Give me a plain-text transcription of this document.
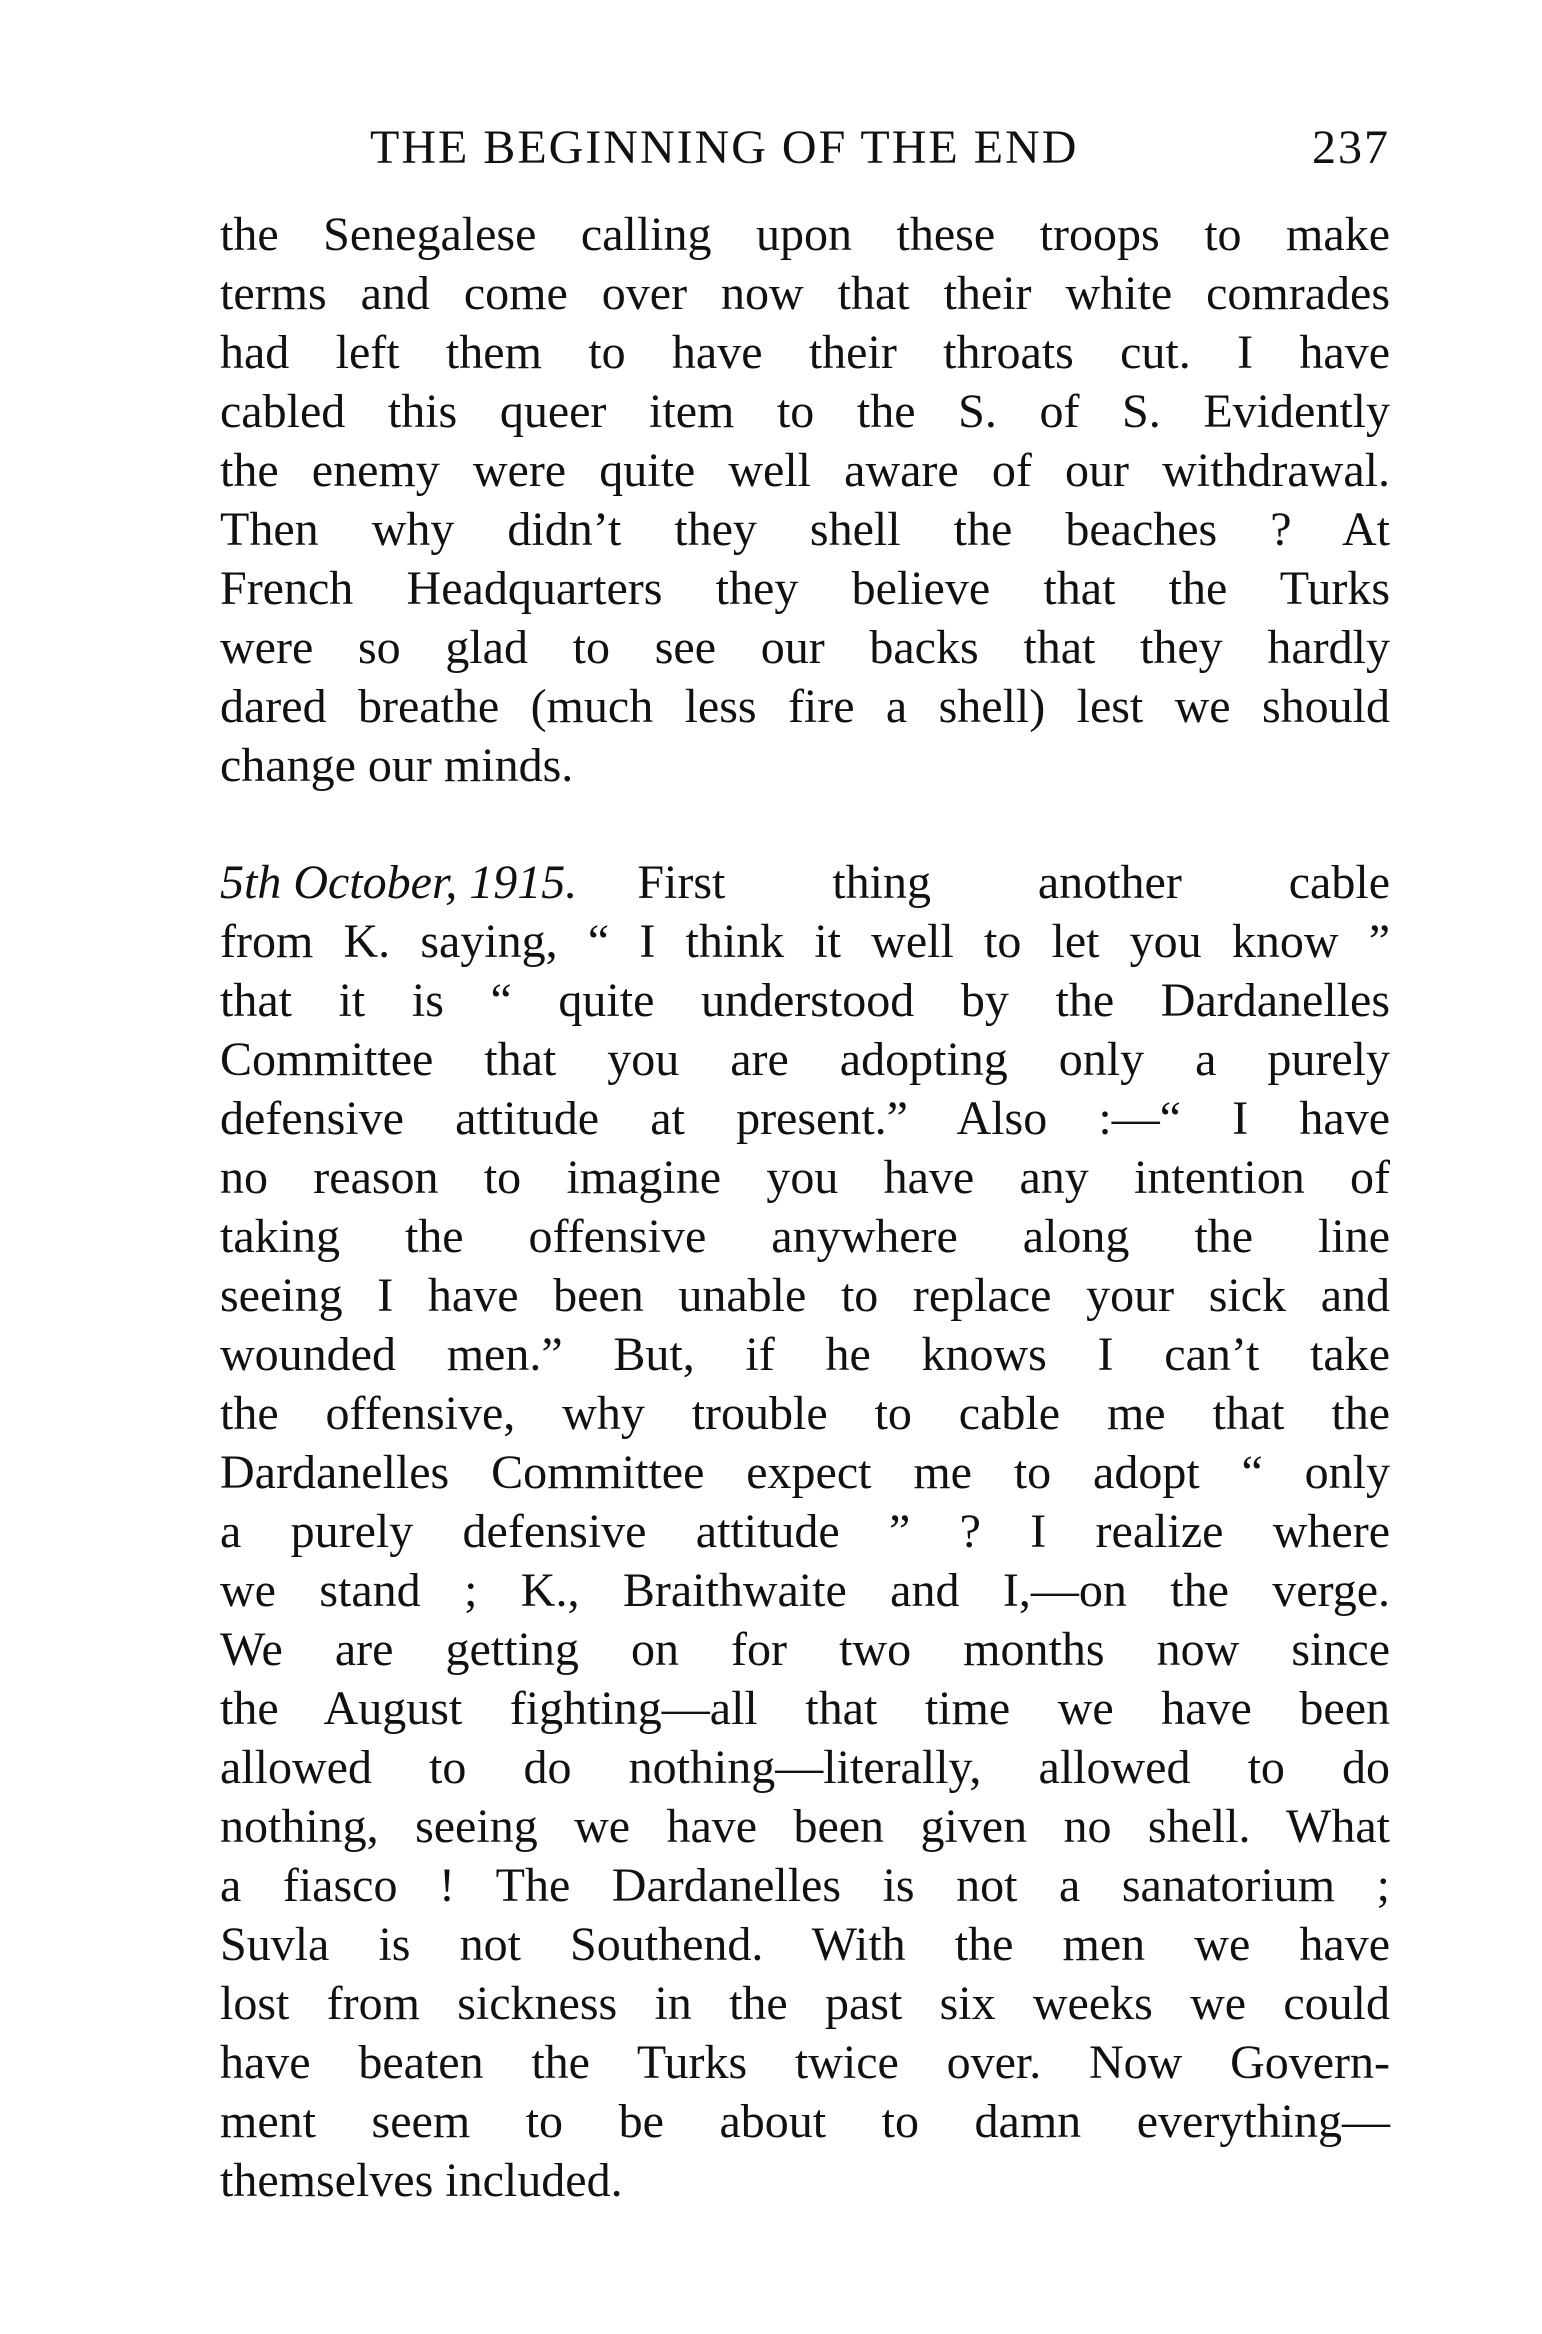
THE BEGINNING OF THE END	237
the Senegalese calling upon these troops to make
terms and come over now that their white comrades
had left them to have their throats cut. I have
cabled this queer item to the S. of S. Evidently
the enemy were quite well aware of our withdrawal.
Then why didn’t they shell the beaches ? At
French Headquarters they believe that the Turks
were so glad to see our backs that they hardly
dared breathe (much less fire a shell) lest we should
change our minds.
5th October, 1915. First thing another cable
from K. saying, “ I think it well to let you know ”
that it is “ quite understood by the Dardanelles
Committee that you are adopting only a purely
defensive attitude at present.” Also :—“ I have
no reason to imagine you have any intention of
taking the offensive anywhere along the line
seeing I have been unable to replace your sick and
wounded men.” But, if he knows I can’t take
the offensive, why trouble to cable me that the
Dardanelles Committee expect me to adopt “ only
a purely defensive attitude ” ? I realize where
we stand ; K., Braithwaite and I,—on the verge.
We are getting on for two months now since
the August fighting—all that time we have been
allowed to do nothing—literally, allowed to do
nothing, seeing we have been given no shell. What
a fiasco ! The Dardanelles is not a sanatorium ;
Suvla is not Southend. With the men we have
lost from sickness in the past six weeks we could
have beaten the Turks twice over. Now Govern-
ment seem to be about to damn everything—
themselves included.
